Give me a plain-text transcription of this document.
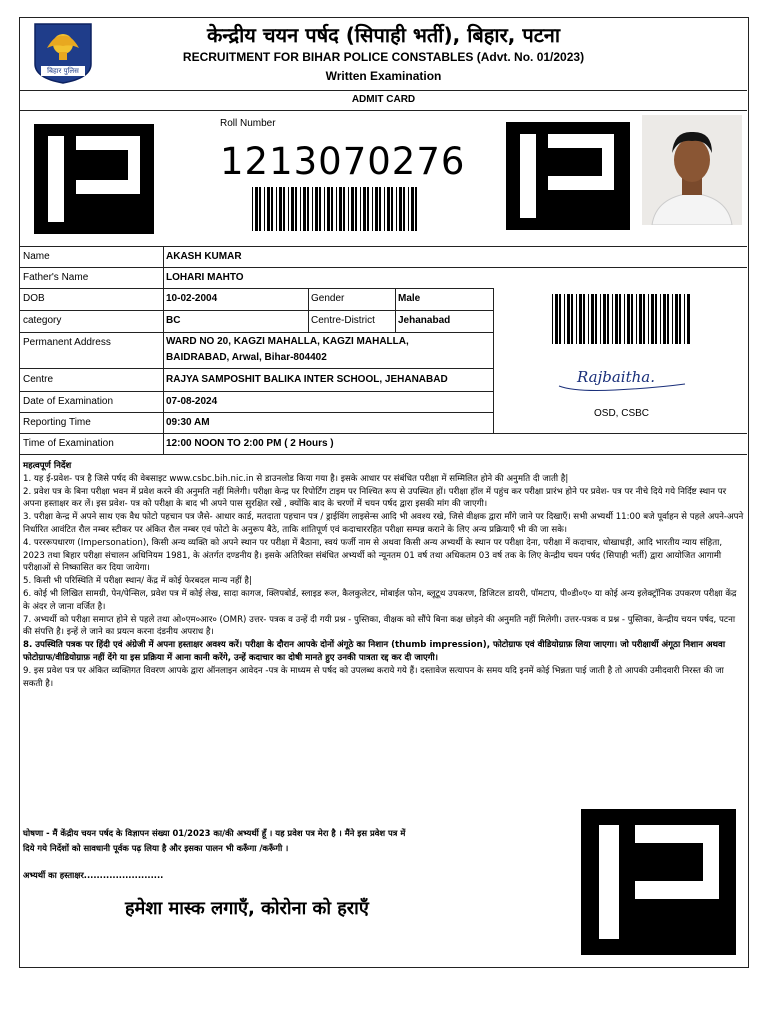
बिहार पुलिस
केन्द्रीय चयन पर्षद (सिपाही भर्ती), बिहार, पटना
RECRUITMENT FOR BIHAR POLICE CONSTABLES (Advt. No. 01/2023)
Written Examination
ADMIT CARD
Roll Number
1213070276
Name	AKASH KUMAR
Father's Name	LOHARI MAHTO
DOB	10-02-2004	Gender	Male
category	BC	Centre-District	Jehanabad
Permanent Address	WARD NO 20, KAGZI MAHALLA, KAGZI MAHALLA,
BAIDRABAD, Arwal, Bihar-804402
Centre	RAJYA SAMPOSHIT BALIKA INTER SCHOOL, JEHANABAD
Date of Examination	07-08-2024
Reporting Time	09:30 AM
Time of Examination	12:00 NOON TO 2:00 PM ( 2 Hours )
Rajbaitha.
OSD, CSBC

महत्वपूर्ण निर्देश

1. यह ई-प्रवेश- पत्र है जिसे पर्षद की वेबसाइट www.csbc.bih.nic.in से डाउनलोड किया गया है। इसके आधार पर संबंधित परीक्षा में सम्मिलित होने की अनुमति दी जाती है|

2. प्रवेश पत्र के बिना परीक्षा भवन में प्रवेश करने की अनुमति नहीं मिलेगी। परीक्षा केन्द्र पर रिपोर्टिंग टाइम पर निश्चित रूप से उपस्थित हों। परीक्षा हॉल में पहुंच कर परीक्षा प्रारंभ होने पर प्रवेश- पत्र पर नीचे दिये गये निर्दिष्ट स्थान पर अपना हस्ताक्षर कर लें। इस प्रवेश- पत्र को परीक्षा के बाद भी अपने पास सुरक्षित रखें , क्योंकि बाद के चरणों में चयन पर्षद द्वारा इसकी मांग की जाएगी।

3. परीक्षा केन्द्र में अपने साथ एक वैध फोटो पहचान पत्र जैसे- आधार कार्ड, मतदाता पहचान पत्र / ड्राईविंग लाइसेन्स आदि भी अवश्य रखे, जिसे वीक्षक द्वारा माँगे जाने पर दिखाएँ। सभी अभ्यर्थी 11:00 बजे पूर्वाहन से पहले अपने-अपने निर्धारित आवंटित रौल नम्बर स्टीकर पर अंकित रौल नम्बर एवं फोटो के अनुरूप बैठे, ताकि शांतिपूर्ण एवं कदाचाररहित परीक्षा सम्पन्न कराने के लिए अन्य प्रक्रियाएँ भी की जा सके।

4. परररूपधारण (Impersonation), किसी अन्य व्यक्ति को अपने स्थान पर परीक्षा में बैठाना, स्वयं फर्जी नाम से अथवा किसी अन्य अभ्यर्थी के स्थान पर परीक्षा देना, परीक्षा में कदाचार, धोखाधड़ी, आदि भारतीय न्याय संहिता, 2023 तथा बिहार परीक्षा संचालन अधिनियम 1981, के अंतर्गत दण्डनीय है। इसके अतिरिक्त संबंधित अभ्यर्थी को न्यूनतम 01 वर्ष तथा अधिकतम 03 वर्ष तक के लिए केन्द्रीय चयन पर्षद (सिपाही भर्ती) द्वारा आयोजित आगामी परीक्षाओं से निष्कासित कर दिया जायेगा।

5. किसी भी परिस्थिति में परीक्षा स्थान/ केंद्र में कोई फेरबदल मान्य नहीं है|

6. कोई भी लिखित सामग्री, पेन/पेन्सिल, प्रवेश पत्र में कोई लेख, सादा कागज, क्लिपबोर्ड, स्लाइड रूल, कैलकुलेटर, मोबाईल फोन, ब्लूटूथ उपकरण, डिजिटल डायरी, पॉमटाप, पी०डी०ए० या कोई अन्य इलेक्ट्रॉनिक उपकरण परीक्षा केंद्र के अंदर ले जाना वर्जित है।

7. अभ्यर्थी को परीक्षा समाप्त होने से पहले तथा ओ०एम०आर० (OMR) उत्तर- पत्रक व उन्हें दी गयी प्रश्न - पुस्तिका, वीक्षक को सौंपे बिना कक्ष छोड़ने की अनुमति नहीं मिलेगी। उत्तर-पत्रक व प्रश्न - पुस्तिका, केन्द्रीय चयन पर्षद, पटना की संपत्ति है। इन्हें ले जाने का प्रयत्न करना दंडनीय अपराध है।

8. उपस्थिति पत्रक पर हिंदी एवं अंग्रेजी में अपना हस्ताक्षर अवश्य करें। परीक्षा के दौरान आपके दोनों अंगूठे का निशान (thumb impression), फोटोग्राफ एवं वीडियोग्राफ़ लिया जाएगा। जो परीक्षार्थी अंगूठा निशान अथवा फोटोग्राफ/वीडियोग्राफ़ नहीं देंगे या इस प्रक्रिया में आना कानी करेंगे, उन्हें कदाचार का दोषी मानते हुए उनकी पात्रता रद्द कर दी जाएगी।

9. इस प्रवेश पत्र पर अंकित व्यक्तिगत विवरण आपके द्वारा ऑनलाइन आवेदन -पत्र के माध्यम से पर्षद को उपलब्ध कराये गये हैं। दस्तावेज सत्यापन के समय यदि इनमें कोई भिन्नता पाई जाती है तो आपकी उमीदवारी निरस्त की जा सकती है।

घोषणा - मैं केंद्रीय चयन पर्षद के विज्ञापन संख्या 01/2023 का/की अभ्यर्थी हूँ । यह प्रवेश पत्र मेरा है । मैंने इस प्रवेश पत्र में
दिये गये निर्देशों को सावधानी पूर्वक पढ़ लिया है और इसका पालन भी करूँगा /करूँगी ।
अभ्यर्थी का हस्ताक्षर.........................
हमेशा मास्क लगाएँ, कोरोना को हराएँ
